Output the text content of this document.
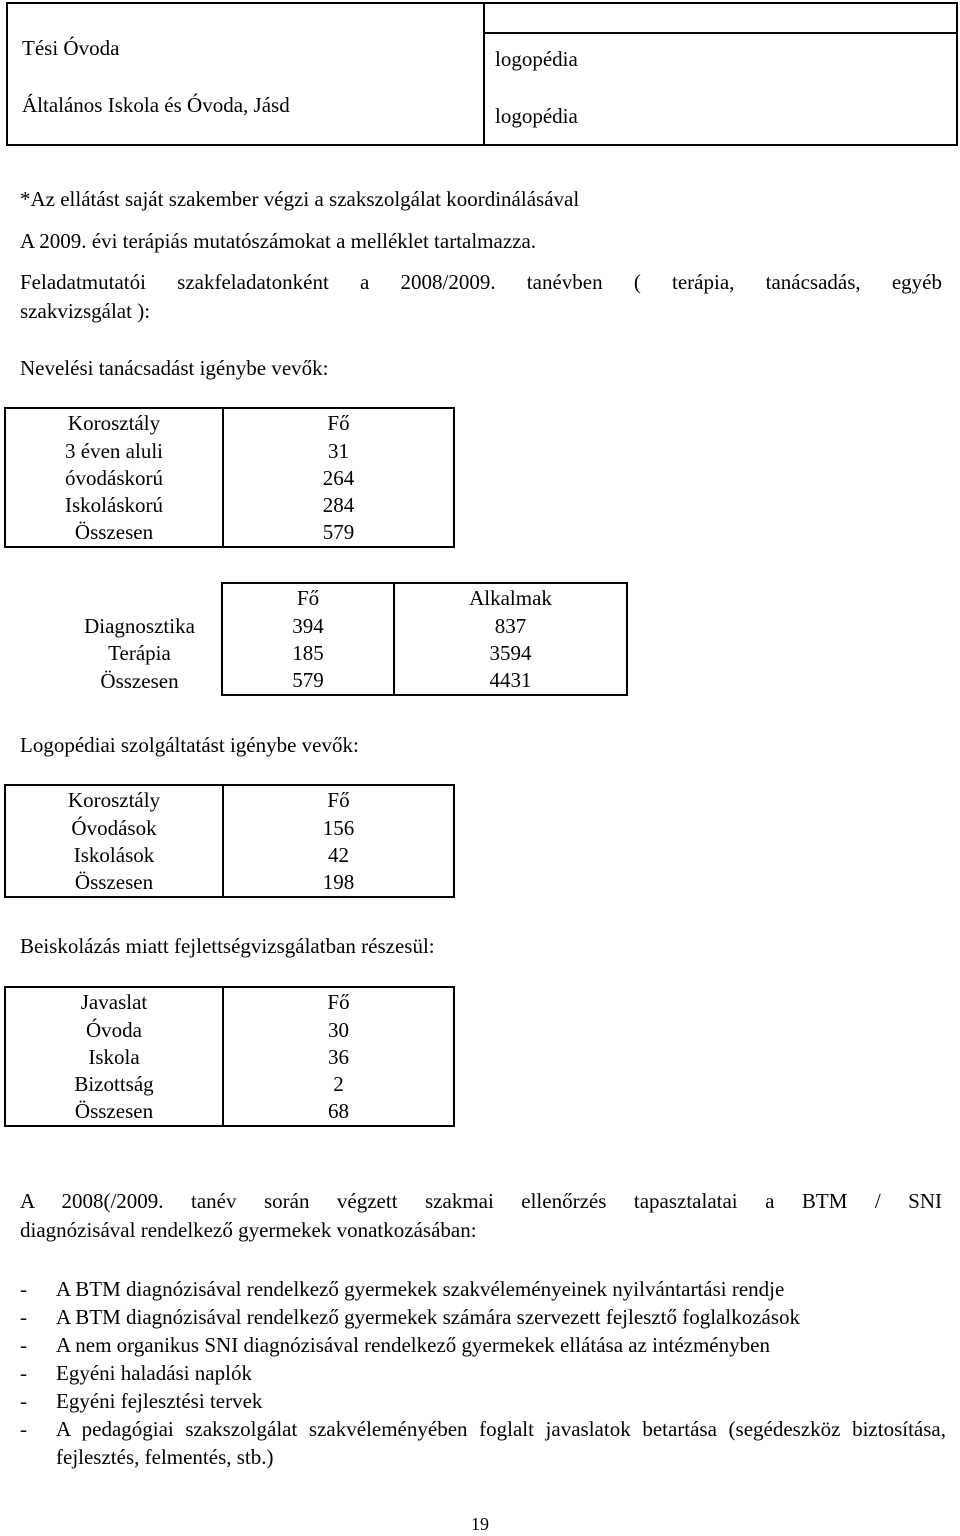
Tési Óvoda
Általános Iskola és Óvoda, Jásd

logopédia
logopédia
*Az ellátást saját szakember végzi a szakszolgálat koordinálásával
A 2009. évi terápiás mutatószámokat a melléklet tartalmazza.
Feladatmutatói szakfeladatonként a 2008/2009. tanévben ( terápia, tanácsadás, egyéb
szakvizsgálat ):
Nevelési tanácsadást igénybe vevők:
Korosztály	Fő
3 éven aluli	31
óvodáskorú	264
Iskoláskorú	284
Összesen	579
	Fő	Alkalmak
Diagnosztika	394	837
Terápia	185	3594
Összesen	579	4431
Logopédiai szolgáltatást igénybe vevők:
Korosztály	Fő
Óvodások	156
Iskolások	42
Összesen	198
Beiskolázás miatt fejlettségvizsgálatban részesül:
Javaslat	Fő
Óvoda	30
Iskola	36
Bizottság	2
Összesen	68
A 2008(/2009. tanév során végzett szakmai ellenőrzés tapasztalatai a BTM / SNI
diagnózisával rendelkező gyermekek vonatkozásában:
-	A BTM diagnózisával rendelkező gyermekek szakvéleményeinek nyilvántartási rendje
-	A BTM diagnózisával rendelkező gyermekek számára szervezett fejlesztő foglalkozások
-	A nem organikus SNI diagnózisával rendelkező gyermekek ellátása az intézményben
-	Egyéni haladási naplók
-	Egyéni fejlesztési tervek
-	A pedagógiai szakszolgálat szakvéleményében foglalt javaslatok betartása (segédeszköz biztosítása, fejlesztés, felmentés, stb.)
19
